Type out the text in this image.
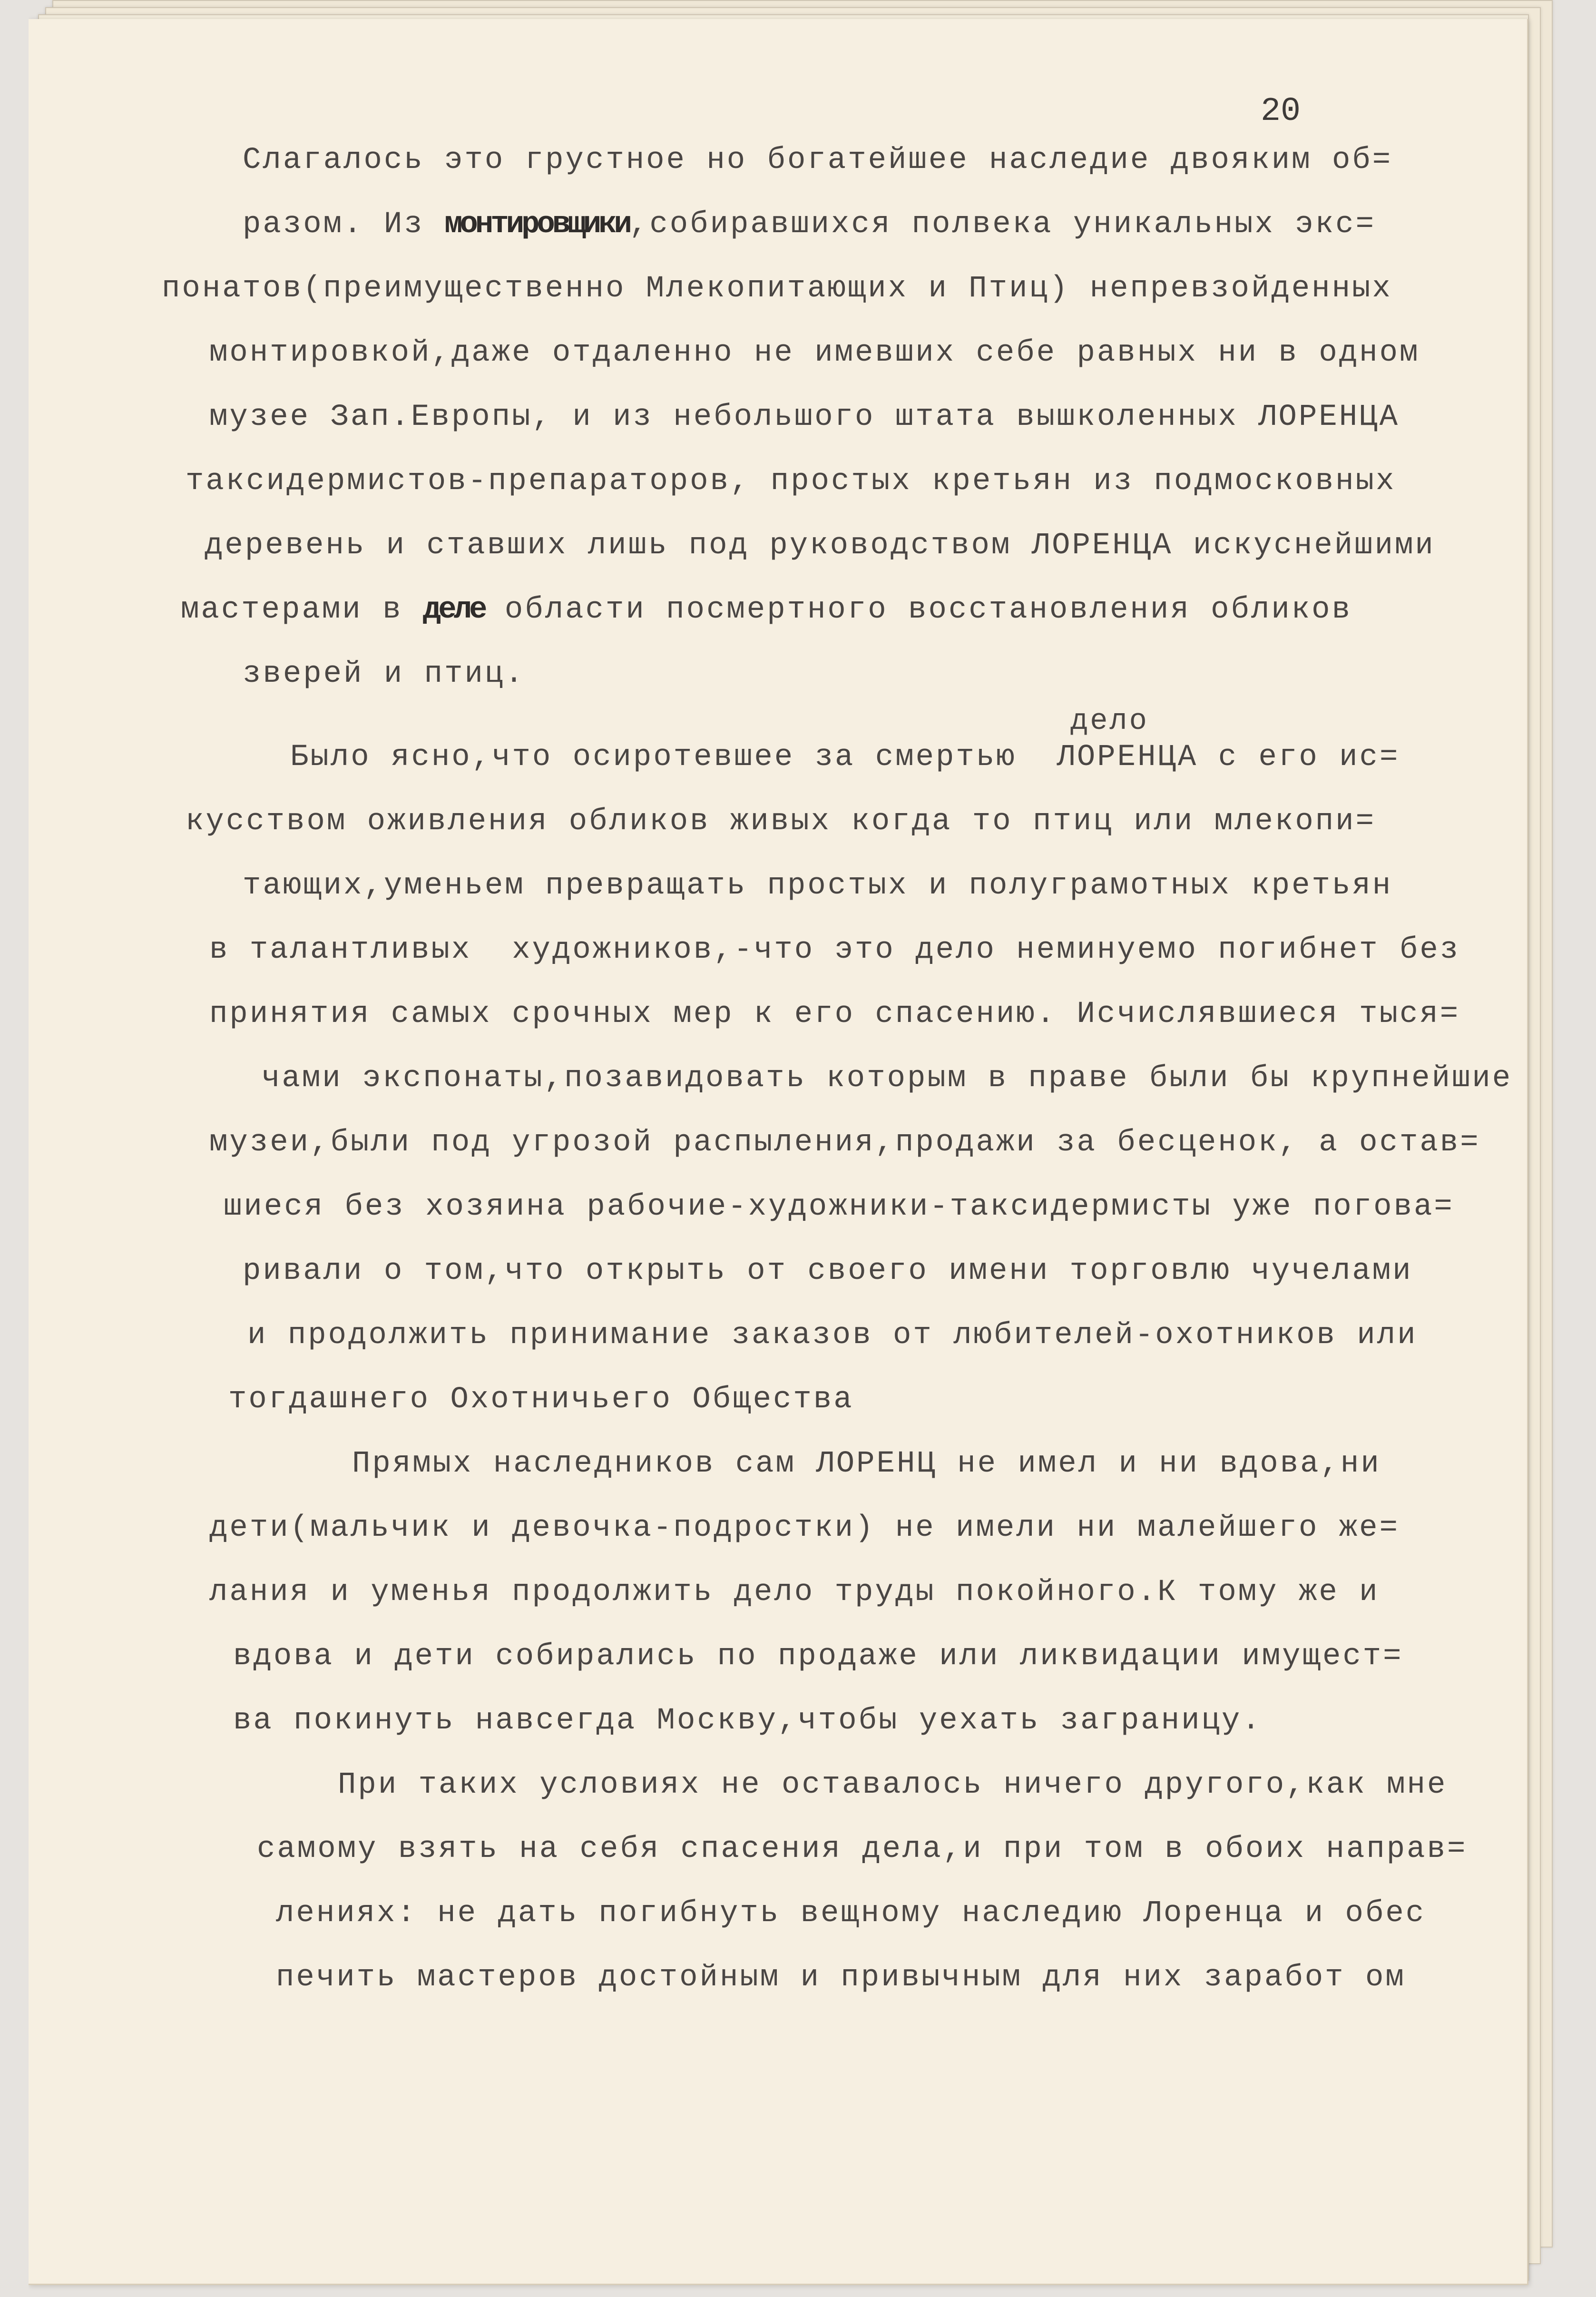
20
Слагалось это грустное но богатейшее наследие двояким об=
разом. Из монтировщики,собиравшихся полвека уникальных экс=
понатов(преимущественно Млекопитающих и Птиц) непревзойденных
монтировкой,даже отдаленно не имевших себе равных ни в одном
музее Зап.Европы, и из небольшого штата вышколенных ЛОРЕНЦА
таксидермистов-препараторов, простых кретьян из подмосковных
деревень и ставших лишь под руководством ЛОРЕНЦА искуснейшими
мастерами в деле области посмертного восстановления обликов
зверей и птиц.
дело
Было ясно,что осиротевшее за смертью  ЛОРЕНЦА с его ис=
кусством оживления обликов живых когда то птиц или млекопи=
тающих,уменьем превращать простых и полуграмотных кретьян
в талантливых  художников,-что это дело неминуемо погибнет без
принятия самых срочных мер к его спасению. Исчислявшиеся тыся=
чами экспонаты,позавидовать которым в праве были бы крупнейшие
музеи,были под угрозой распыления,продажи за бесценок, а остав=
шиеся без хозяина рабочие-художники-таксидермисты уже погова=
ривали о том,что открыть от своего имени торговлю чучелами
и продолжить принимание заказов от любителей-охотников или
тогдашнего Охотничьего Общества
Прямых наследников сам ЛОРЕНЦ не имел и ни вдова,ни
дети(мальчик и девочка-подростки) не имели ни малейшего же=
лания и уменья продолжить дело труды покойного.К тому же и
вдова и дети собирались по продаже или ликвидации имущест=
ва покинуть навсегда Москву,чтобы уехать заграницу.
При таких условиях не оставалось ничего другого,как мне
самому взять на себя спасения дела,и при том в обоих направ=
лениях: не дать погибнуть вещному наследию Лоренца и обес
печить мастеров достойным и привычным для них заработ ом
